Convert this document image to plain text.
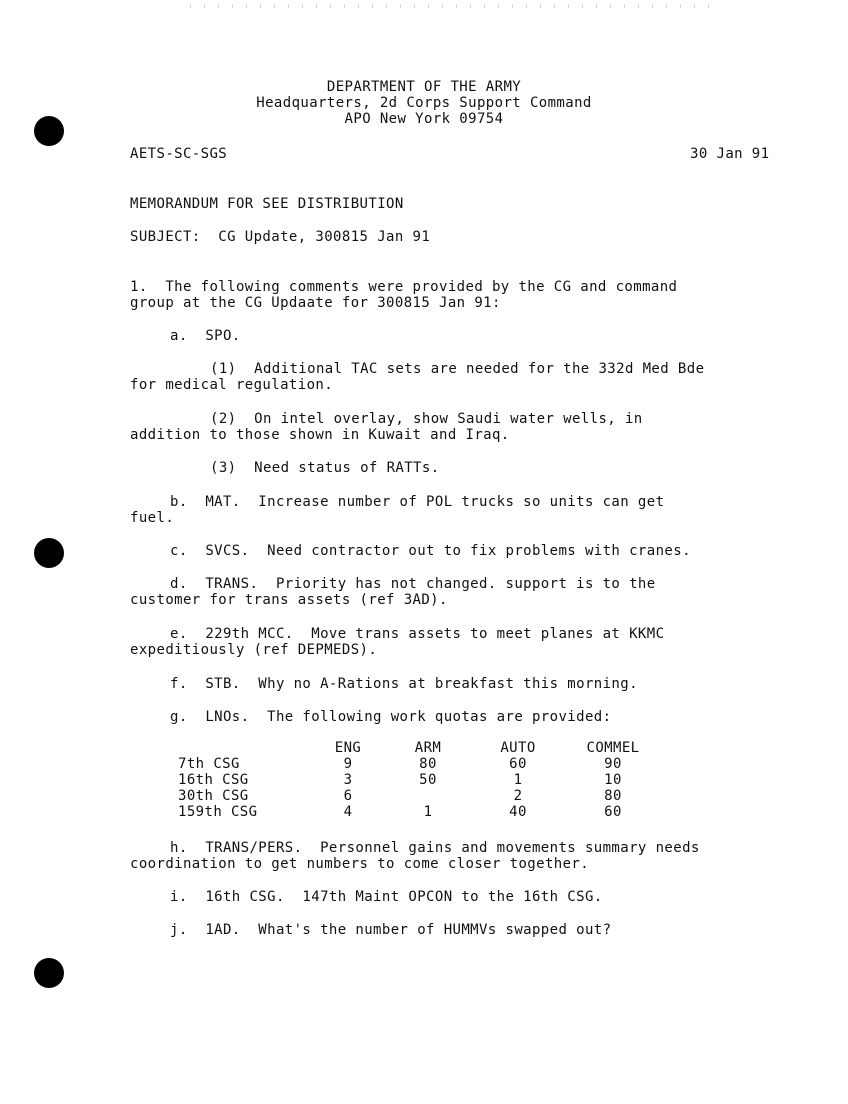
DEPARTMENT OF THE ARMY
Headquarters, 2d Corps Support Command
APO New York 09754
AETS-SC-SGS	30 Jan 91
MEMORANDUM FOR SEE DISTRIBUTION
SUBJECT:  CG Update, 300815 Jan 91
1.  The following comments were provided by the CG and command
group at the CG Updaate for 300815 Jan 91:
a.  SPO.
(1)  Additional TAC sets are needed for the 332d Med Bde
for medical regulation.
(2)  On intel overlay, show Saudi water wells, in
addition to those shown in Kuwait and Iraq.
(3)  Need status of RATTs.
b.  MAT.  Increase number of POL trucks so units can get
fuel.
c.  SVCS.  Need contractor out to fix problems with cranes.
d.  TRANS.  Priority has not changed. support is to the
customer for trans assets (ref 3AD).
e.  229th MCC.  Move trans assets to meet planes at KKMC
expeditiously (ref DEPMEDS).
f.  STB.  Why no A-Rations at breakfast this morning.
g.  LNOs.  The following work quotas are provided:
	ENG	ARM	AUTO	COMMEL
7th CSG	9	80	60	90
16th CSG	3	50	1	10
30th CSG	6		2	80
159th CSG	4	1	40	60
h.  TRANS/PERS.  Personnel gains and movements summary needs
coordination to get numbers to come closer together.
i.  16th CSG.  147th Maint OPCON to the 16th CSG.
j.  1AD.  What's the number of HUMMVs swapped out?
